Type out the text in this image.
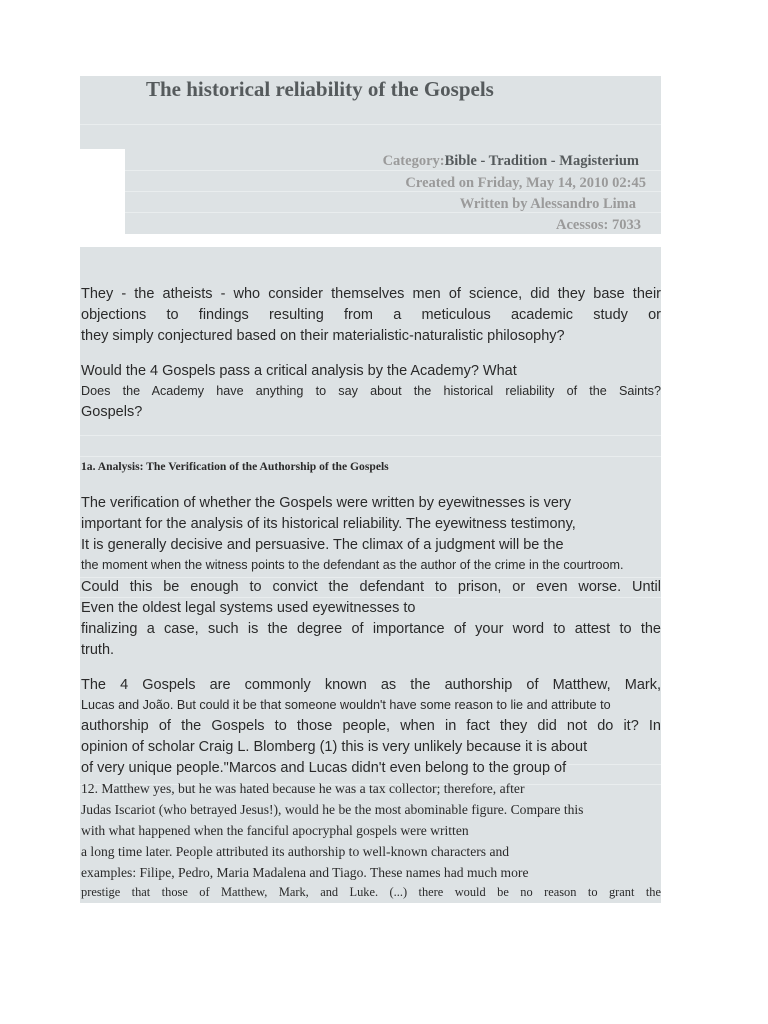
The historical reliability of the Gospels
Category:Bible - Tradition - Magisterium
Created on Friday, May 14, 2010 02:45
Written by Alessandro Lima
Acessos: 7033
They - the atheists - who consider themselves men of science, did they base their
objections to findings resulting from a meticulous academic study or
they simply conjectured based on their materialistic-naturalistic philosophy?
Would the 4 Gospels pass a critical analysis by the Academy? What
Does the Academy have anything to say about the historical reliability of the Saints?
Gospels?
1a. Analysis: The Verification of the Authorship of the Gospels
The verification of whether the Gospels were written by eyewitnesses is very
important for the analysis of its historical reliability. The eyewitness testimony,
It is generally decisive and persuasive. The climax of a judgment will be the
the moment when the witness points to the defendant as the author of the crime in the courtroom.
Could this be enough to convict the defendant to prison, or even worse. Until
Even the oldest legal systems used eyewitnesses to
finalizing a case, such is the degree of importance of your word to attest to the
truth.
The 4 Gospels are commonly known as the authorship of Matthew, Mark,
Lucas and João. But could it be that someone wouldn't have some reason to lie and attribute to
authorship of the Gospels to those people, when in fact they did not do it? In
opinion of scholar Craig L. Blomberg (1) this is very unlikely because it is about
of very unique people."Marcos and Lucas didn't even belong to the group of
12. Matthew yes, but he was hated because he was a tax collector; therefore, after
Judas Iscariot (who betrayed Jesus!), would he be the most abominable figure. Compare this
with what happened when the fanciful apocryphal gospels were written
a long time later. People attributed its authorship to well-known characters and
examples: Filipe, Pedro, Maria Madalena and Tiago. These names had much more
prestige that those of Matthew, Mark, and Luke. (...) there would be no reason to grant the
